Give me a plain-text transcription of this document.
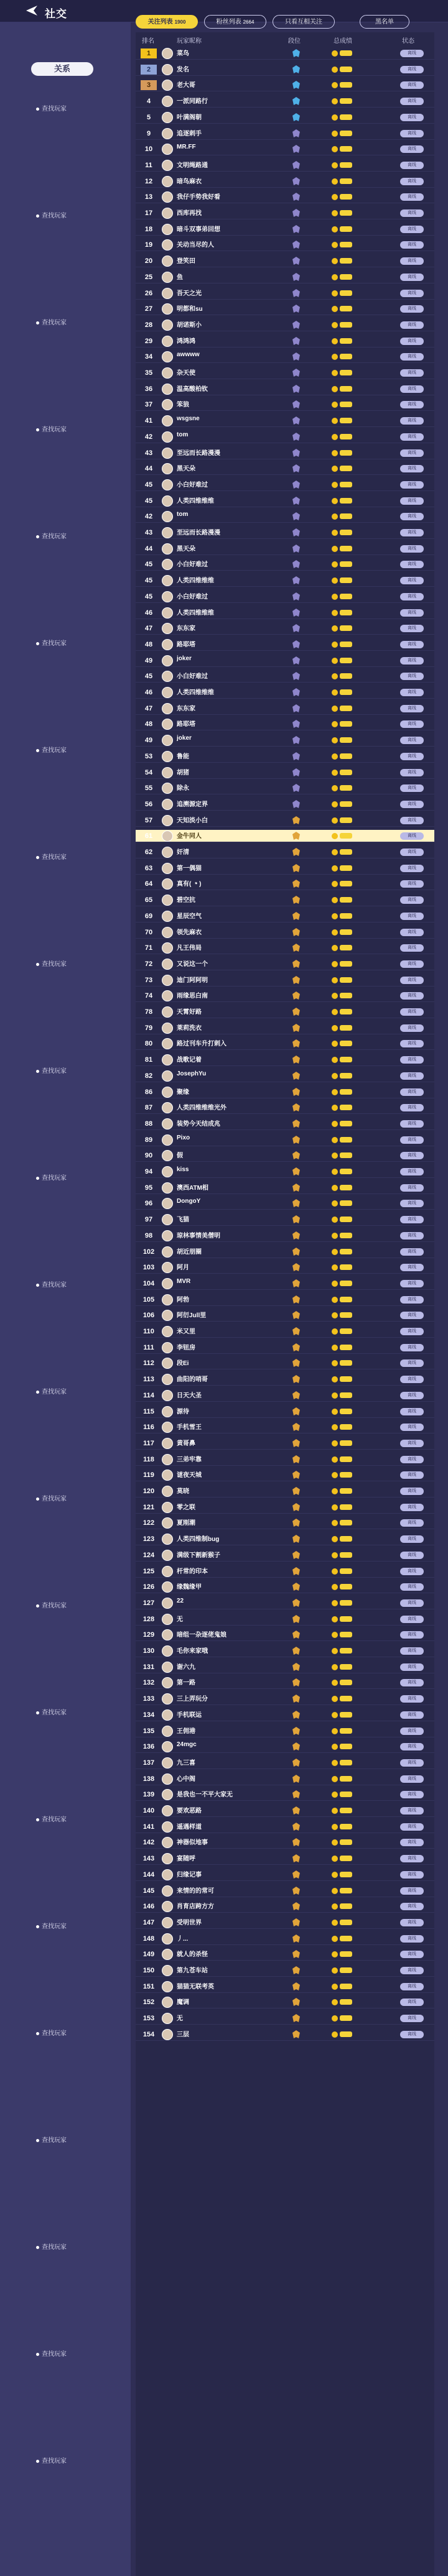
社交
关系
查找玩家
查找玩家
查找玩家
查找玩家
查找玩家
查找玩家
查找玩家
查找玩家
查找玩家
查找玩家
查找玩家
查找玩家
查找玩家
查找玩家
查找玩家
查找玩家
查找玩家
查找玩家
查找玩家
查找玩家
查找玩家
查找玩家
查找玩家
关注列表 1900	粉丝列表 2664	只看互相关注	黑名单
排名	玩家昵称	段位	总成绩	状态
1	菜鸟	离线
2	发名	离线
3	老大哥	离线
4	一派同路行	离线
5	叶满阁朝	离线
9	追逐刺手	离线
10	MR.FF	离线
11	文明绳路通	离线
12	暗鸟麻衣	离线
13	我仔手势我好看	离线
17	西库再找	离线
18	暗斗双事弟回想	离线
19	关动当尽的人	离线
20	登笑田	离线
25	鱼	离线
26	吾天之光	离线
27	明都和su	离线
28	胡诺斯小	离线
29	鸿鸿鸿	离线
34	awwww	离线
35	杂天使	离线
36	温高酸柏钦	离线
37	笨狼	离线
41	wsgsne	离线
42	tom	离线
43	至远而长路漫漫	离线
44	黑天朵	离线
45	小白好难过	离线
45	人类四维维维	离线
42	tom	离线
43	至远而长路漫漫	离线
44	黑天朵	离线
45	小白好难过	离线
45	人类四维维维	离线
45	小白好难过	离线
46	人类四维维维	离线
47	东东家	离线
48	路耶塔	离线
49	joker	离线
45	小白好难过	离线
46	人类四维维维	离线
47	东东家	离线
48	路耶塔	离线
49	joker	离线
53	鲁能	离线
54	胡猪	离线
55	除永	离线
56	追溯源定界	离线
57	天知淡小白	离线
61	金牛同人	离线
62	奸清	离线
63	第一偶猫	离线
64	真有( ﹡)	离线
65	碧空抗	离线
69	星辰空气	离线
70	领先麻衣	离线
71	凡王伟局	离线
72	又说这一个	离线
73	迪门阿阿明	离线
74	雨缘思白南	离线
78	天霄好路	离线
79	莱莉洗衣	离线
80	路过刊车升打刺入	离线
81	战歌记着	离线
82	JosephYu	离线
86	聚缘	离线
87	人类四维维维光外	离线
88	装势今天结成兆	离线
89	Pixo	离线
90	假	离线
94	kiss	离线
95	澳西ATM相	离线
96	DongoY	离线
97	飞猫	离线
98	琼林事情美僧明	离线
102	胡近朋圈	离线
103	阿月	离线
104	MVR	离线
105	阿勃	离线
106	阿衍Jull里	离线
110	米又里	离线
111	李钮房	离线
112	段Ei	离线
113	曲阳的哨哥	离线
114	日天大圣	离线
115	源待	离线
116	手机雪王	离线
117	黄哥鼻	离线
118	三弟牢靠	离线
119	谜夜天城	离线
120	莫晓	离线
121	零之联	离线
122	夏刚潮	离线
123	人类四维制bug	离线
124	满级下割新猴子	离线
125	杆常的印本	离线
126	缘魏缘甲	离线
127	22	离线
128	无	离线
129	暗组一杂逐佬鬼娘	离线
130	毛你来家哦	离线
131	谢六九	离线
132	第一路	离线
133	三上弄玩分	离线
134	手机联运	离线
135	王佣港	离线
136	24mgc	离线
137	九三喜	离线
138	心中阁	离线
139	是我也一不平大家无	离线
140	要欢恶路	离线
141	遥遇样道	离线
142	神器似地事	离线
143	宴随呼	离线
144	归缘记事	离线
145	来情的的常可	离线
146	肖育店跨方方	离线
147	受明世界	离线
148	丿...	离线
149	就人的杀怪	离线
150	第九苍车站	离线
151	猫猫无联考英	离线
152	魔调	离线
153	无	离线
154	三层	离线
